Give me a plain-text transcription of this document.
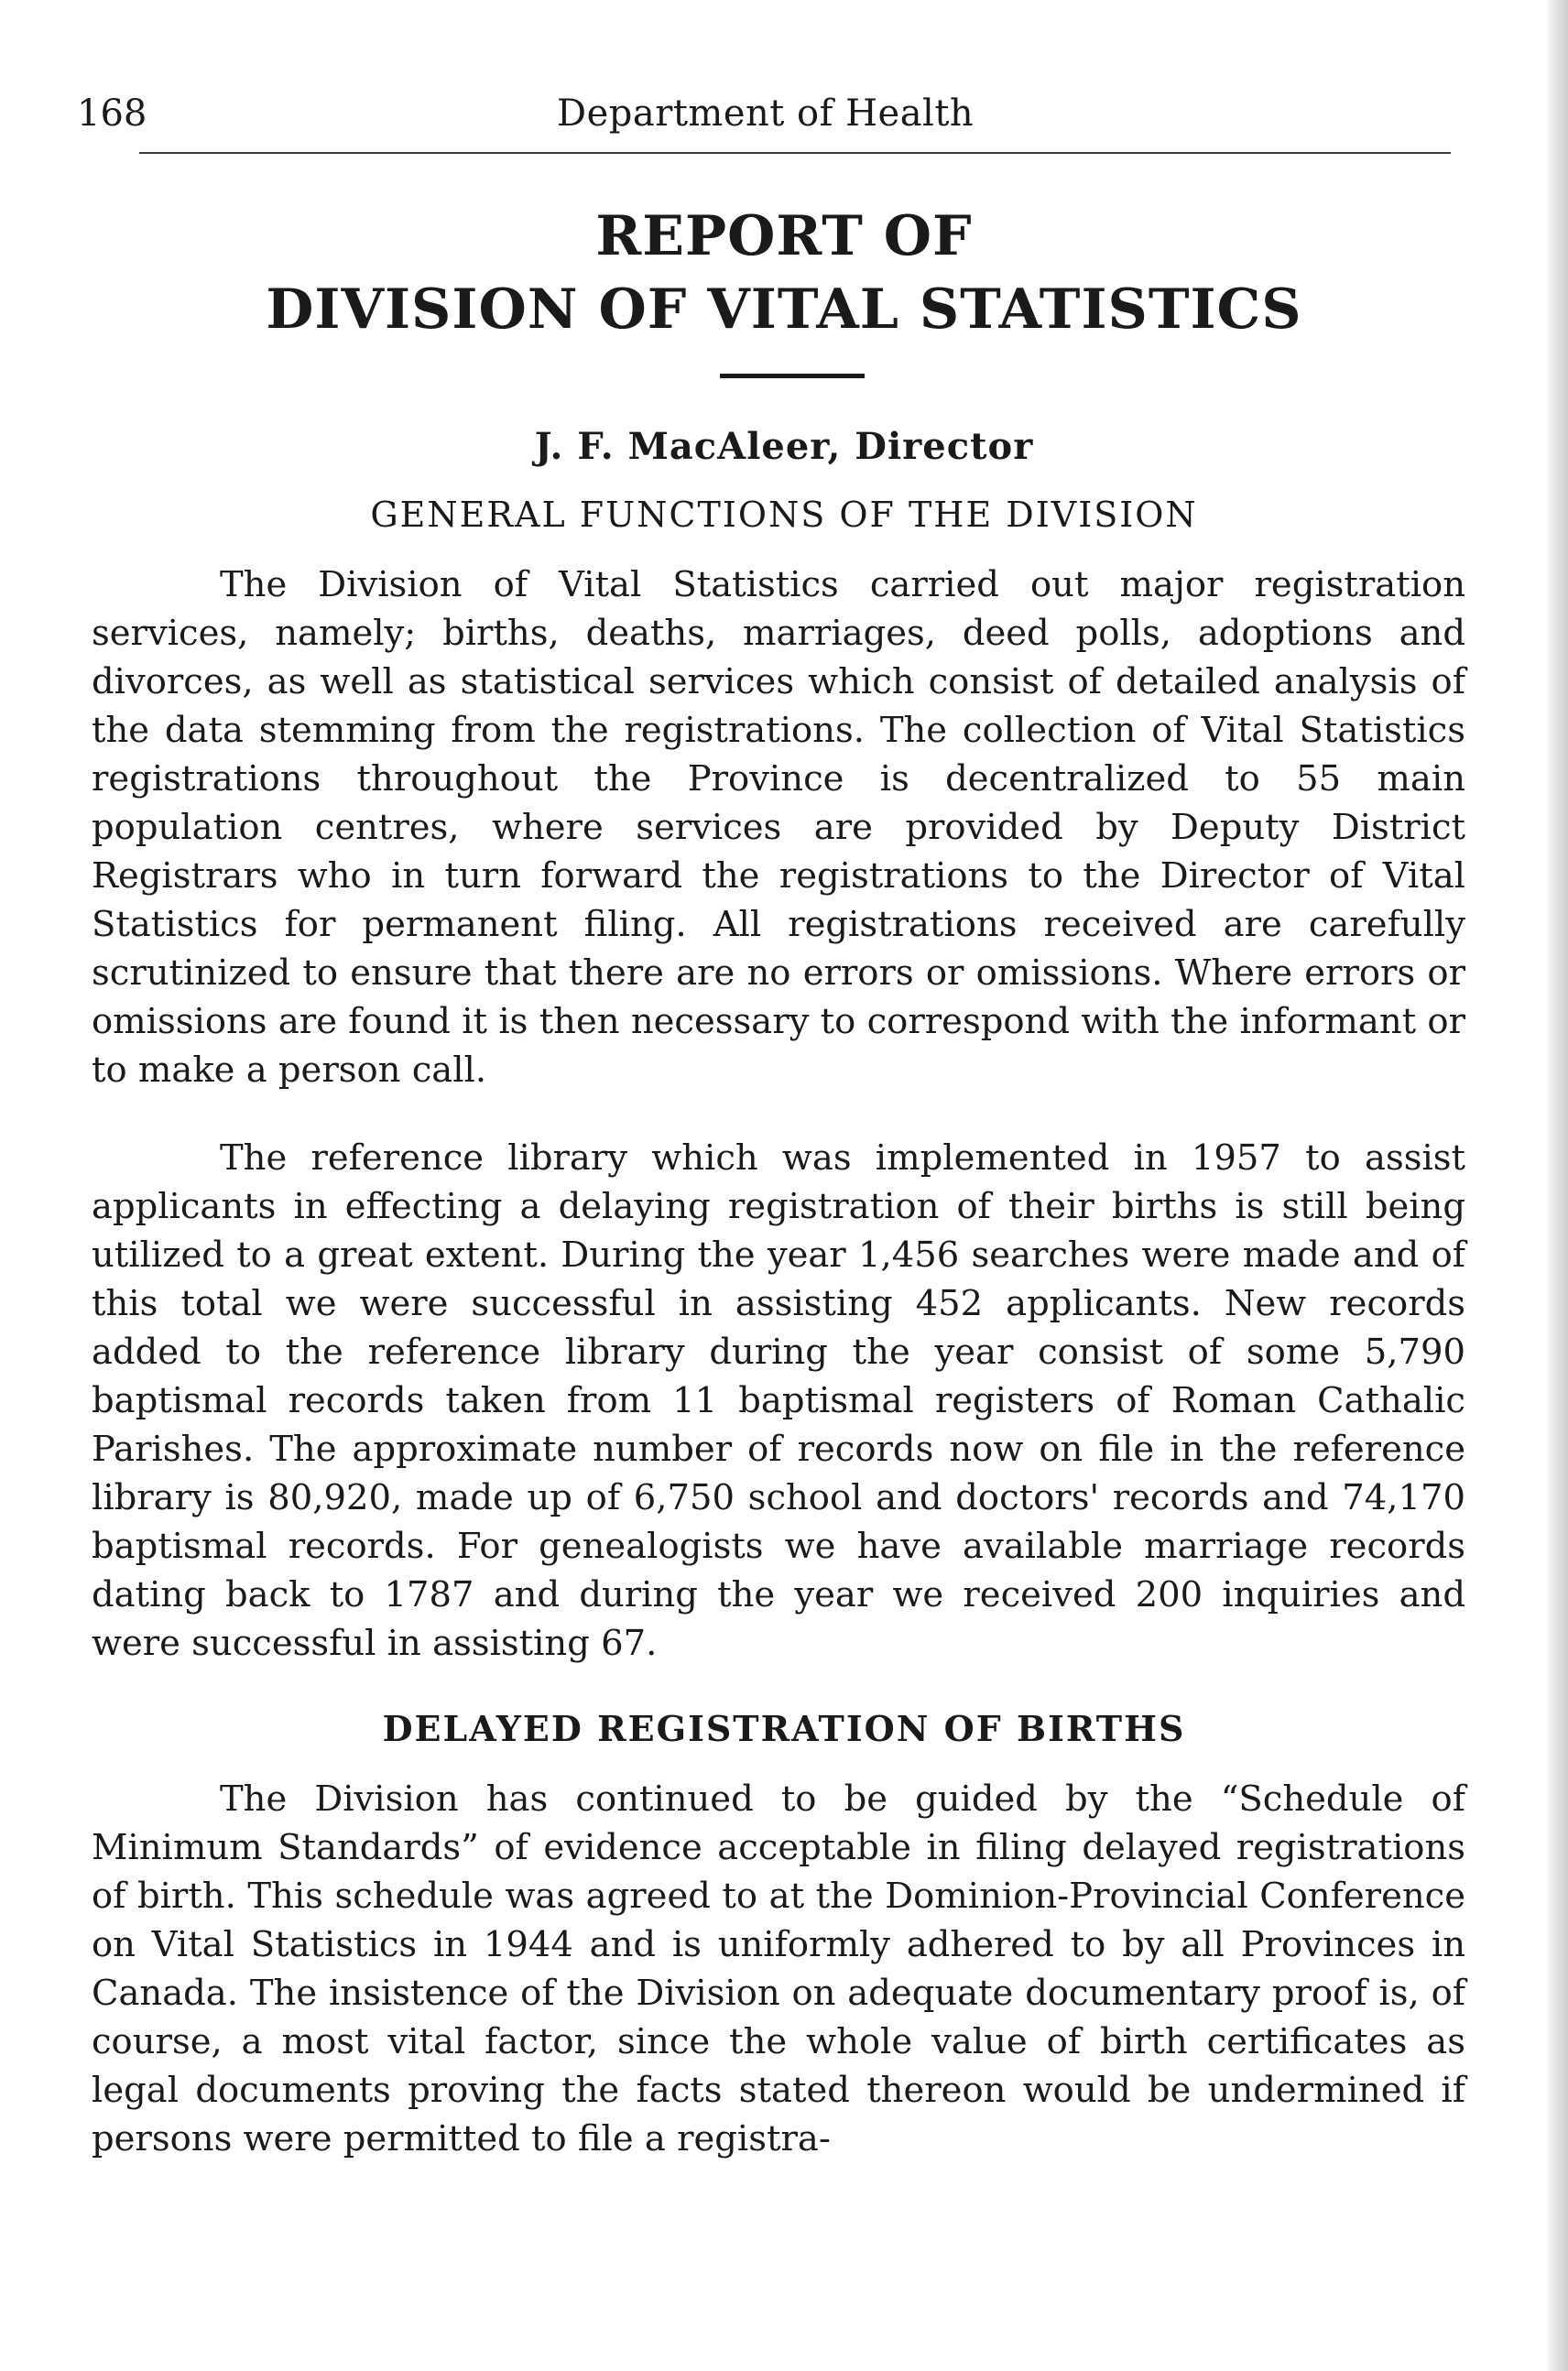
168	Department of Health
REPORT OF
DIVISION OF VITAL STATISTICS
J. F. MacAleer, Director
GENERAL FUNCTIONS OF THE DIVISION

The Division of Vital Statistics carried out major registration services, namely; births, deaths, marriages, deed polls, adoptions and divorces, as well as statistical services which consist of detailed analysis of the data stemming from the registrations. The collection of Vital Statistics registrations throughout the Province is decentralized to 55 main population centres, where services are provided by Deputy District Registrars who in turn forward the registrations to the Director of Vital Statistics for permanent filing. All registrations received are carefully scrutinized to ensure that there are no errors or omissions. Where errors or omissions are found it is then necessary to correspond with the informant or to make a person call.

The reference library which was implemented in 1957 to assist applicants in effecting a delaying registration of their births is still being utilized to a great extent. During the year 1,456 searches were made and of this total we were successful in assisting 452 applicants. New records added to the reference library during the year consist of some 5,790 baptismal records taken from 11 baptismal registers of Roman Cathalic Parishes. The approximate number of records now on file in the reference library is 80,920, made up of 6,750 school and doctors' records and 74,170 baptismal records. For genealogists we have available marriage records dating back to 1787 and during the year we received 200 inquiries and were successful in assisting 67.

DELAYED REGISTRATION OF BIRTHS

The Division has continued to be guided by the “Schedule of Minimum Standards” of evidence acceptable in filing delayed registrations of birth. This schedule was agreed to at the Dominion-Provincial Conference on Vital Statistics in 1944 and is uniformly adhered to by all Provinces in Canada. The insistence of the Division on adequate documentary proof is, of course, a most vital factor, since the whole value of birth certificates as legal documents proving the facts stated thereon would be undermined if persons were permitted to file a registra-
